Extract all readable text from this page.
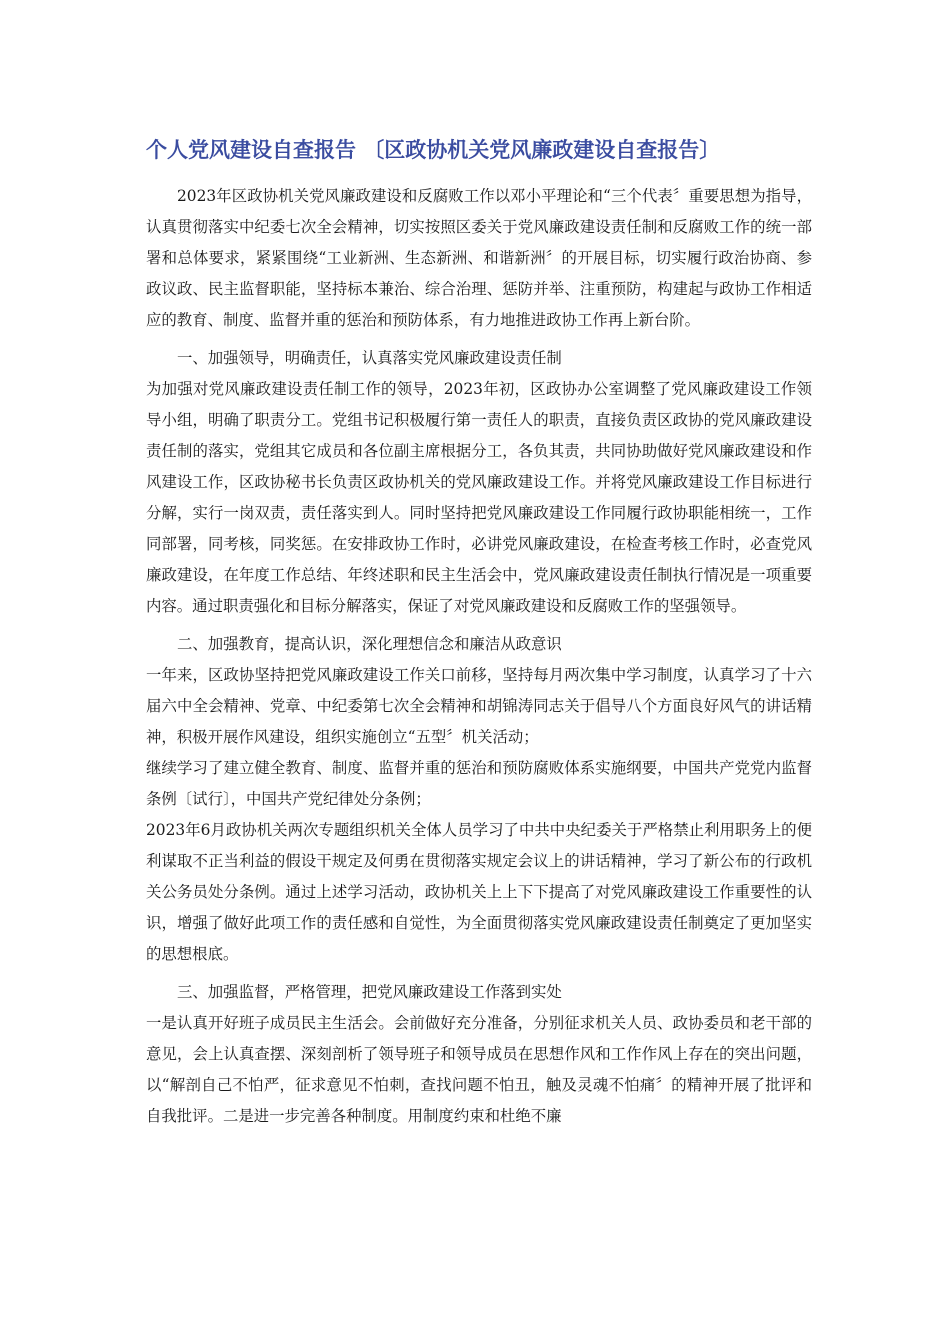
个人党风建设自查报告 〔区政协机关党风廉政建设自查报告〕

2023年区政协机关党风廉政建设和反腐败工作以邓小平理论和“三个代表〞重要思想为指导，认真贯彻落实中纪委七次全会精神，切实按照区委关于党风廉政建设责任制和反腐败工作的统一部署和总体要求，紧紧围绕“工业新洲、生态新洲、和谐新洲〞的开展目标，切实履行政治协商、参政议政、民主监督职能，坚持标本兼治、综合治理、惩防并举、注重预防，构建起与政协工作相适应的教育、制度、监督并重的惩治和预防体系，有力地推进政协工作再上新台阶。

一、加强领导，明确责任，认真落实党风廉政建设责任制

为加强对党风廉政建设责任制工作的领导，2023年初，区政协办公室调整了党风廉政建设工作领导小组，明确了职责分工。党组书记积极履行第一责任人的职责，直接负责区政协的党风廉政建设责任制的落实，党组其它成员和各位副主席根据分工，各负其责，共同协助做好党风廉政建设和作风建设工作，区政协秘书长负责区政协机关的党风廉政建设工作。并将党风廉政建设工作目标进行分解，实行一岗双责，责任落实到人。同时坚持把党风廉政建设工作同履行政协职能相统一，工作同部署，同考核，同奖惩。在安排政协工作时，必讲党风廉政建设，在检查考核工作时，必查党风廉政建设，在年度工作总结、年终述职和民主生活会中，党风廉政建设责任制执行情况是一项重要内容。通过职责强化和目标分解落实，保证了对党风廉政建设和反腐败工作的坚强领导。

二、加强教育，提高认识，深化理想信念和廉洁从政意识

一年来，区政协坚持把党风廉政建设工作关口前移，坚持每月两次集中学习制度，认真学习了十六届六中全会精神、党章、中纪委第七次全会精神和胡锦涛同志关于倡导八个方面良好风气的讲话精神，积极开展作风建设，组织实施创立“五型〞机关活动；

继续学习了建立健全教育、制度、监督并重的惩治和预防腐败体系实施纲要，中国共产党党内监督条例〔试行〕，中国共产党纪律处分条例；

2023年6月政协机关两次专题组织机关全体人员学习了中共中央纪委关于严格禁止利用职务上的便利谋取不正当利益的假设干规定及何勇在贯彻落实规定会议上的讲话精神，学习了新公布的行政机关公务员处分条例。通过上述学习活动，政协机关上上下下提高了对党风廉政建设工作重要性的认识，增强了做好此项工作的责任感和自觉性，为全面贯彻落实党风廉政建设责任制奠定了更加坚实的思想根底。

三、加强监督，严格管理，把党风廉政建设工作落到实处

一是认真开好班子成员民主生活会。会前做好充分准备，分别征求机关人员、政协委员和老干部的意见，会上认真查摆、深刻剖析了领导班子和领导成员在思想作风和工作作风上存在的突出问题，以“解剖自己不怕严，征求意见不怕刺，查找问题不怕丑，触及灵魂不怕痛〞的精神开展了批评和自我批评。二是进一步完善各种制度。用制度约束和杜绝不廉
